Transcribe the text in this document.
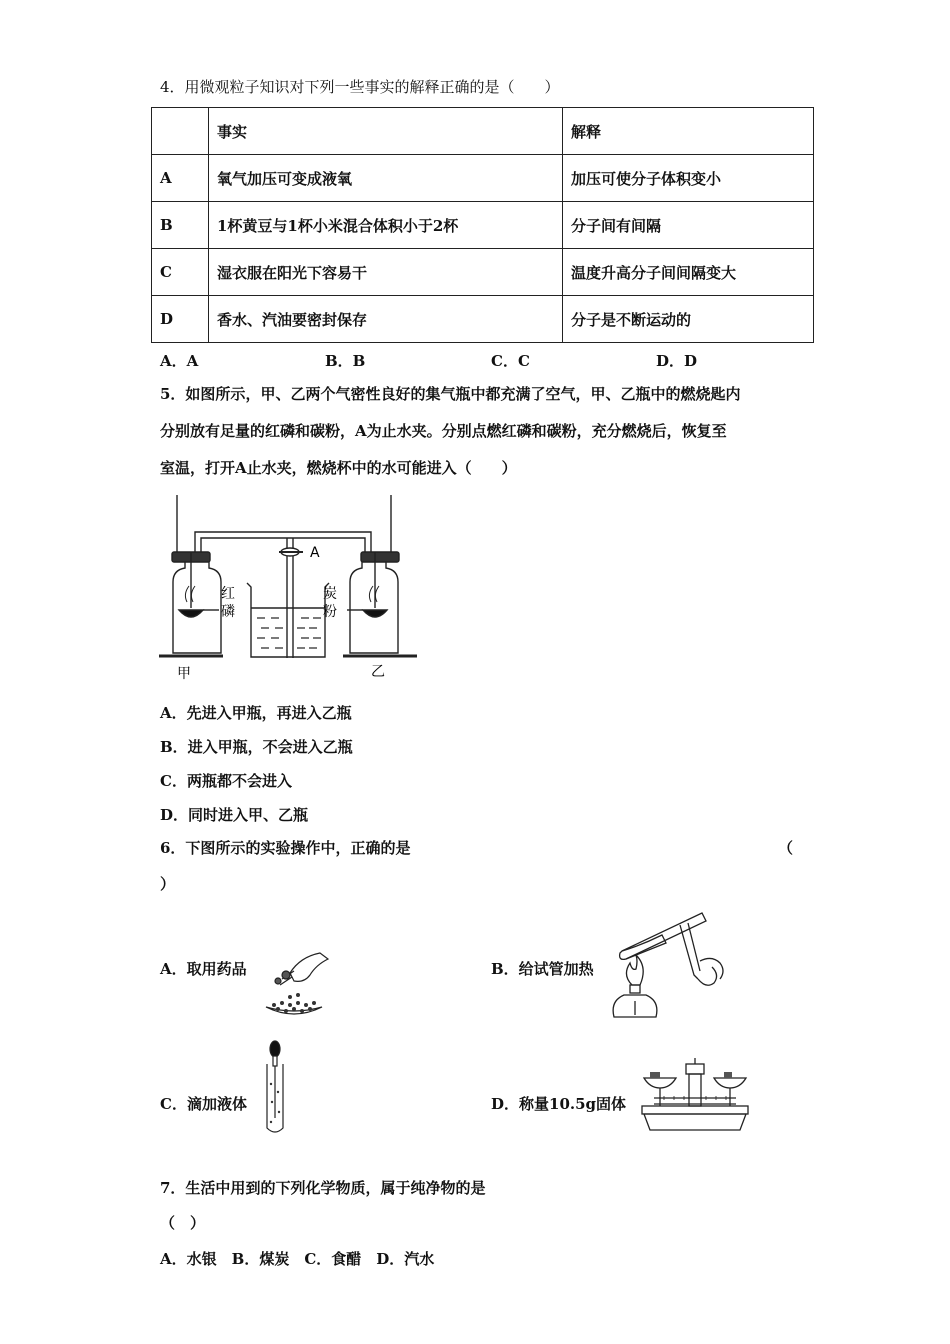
4．用微观粒子知识对下列一些事实的解释正确的是（　　）
	事实	解释
A	氧气加压可变成液氧	加压可使分子体积变小
B	1杯黄豆与1杯小米混合体积小于2杯	分子间有间隔
C	湿衣服在阳光下容易干	温度升高分子间间隔变大
D	香水、汽油要密封保存	分子是不断运动的
A．A	B．B	C．C	D．D
5．如图所示，甲、乙两个气密性良好的集气瓶中都充满了空气，甲、乙瓶中的燃烧匙内
分别放有足量的红磷和碳粉，A为止水夹。分别点燃红磷和碳粉，充分燃烧后，恢复至
室温，打开A止水夹，燃烧杯中的水可能进入（　　）
A
红
磷
炭
粉
甲	乙
A．先进入甲瓶，再进入乙瓶
B．进入甲瓶，不会进入乙瓶
C．两瓶都不会进入
D．同时进入甲、乙瓶
6．下图所示的实验操作中，正确的是	（
）
A．取用药品	B．给试管加热
C．滴加液体	D．称量10.5g固体
7．生活中用到的下列化学物质，属于纯净物的是
（　）
A．水银　B．煤炭　C．食醋　D．汽水
